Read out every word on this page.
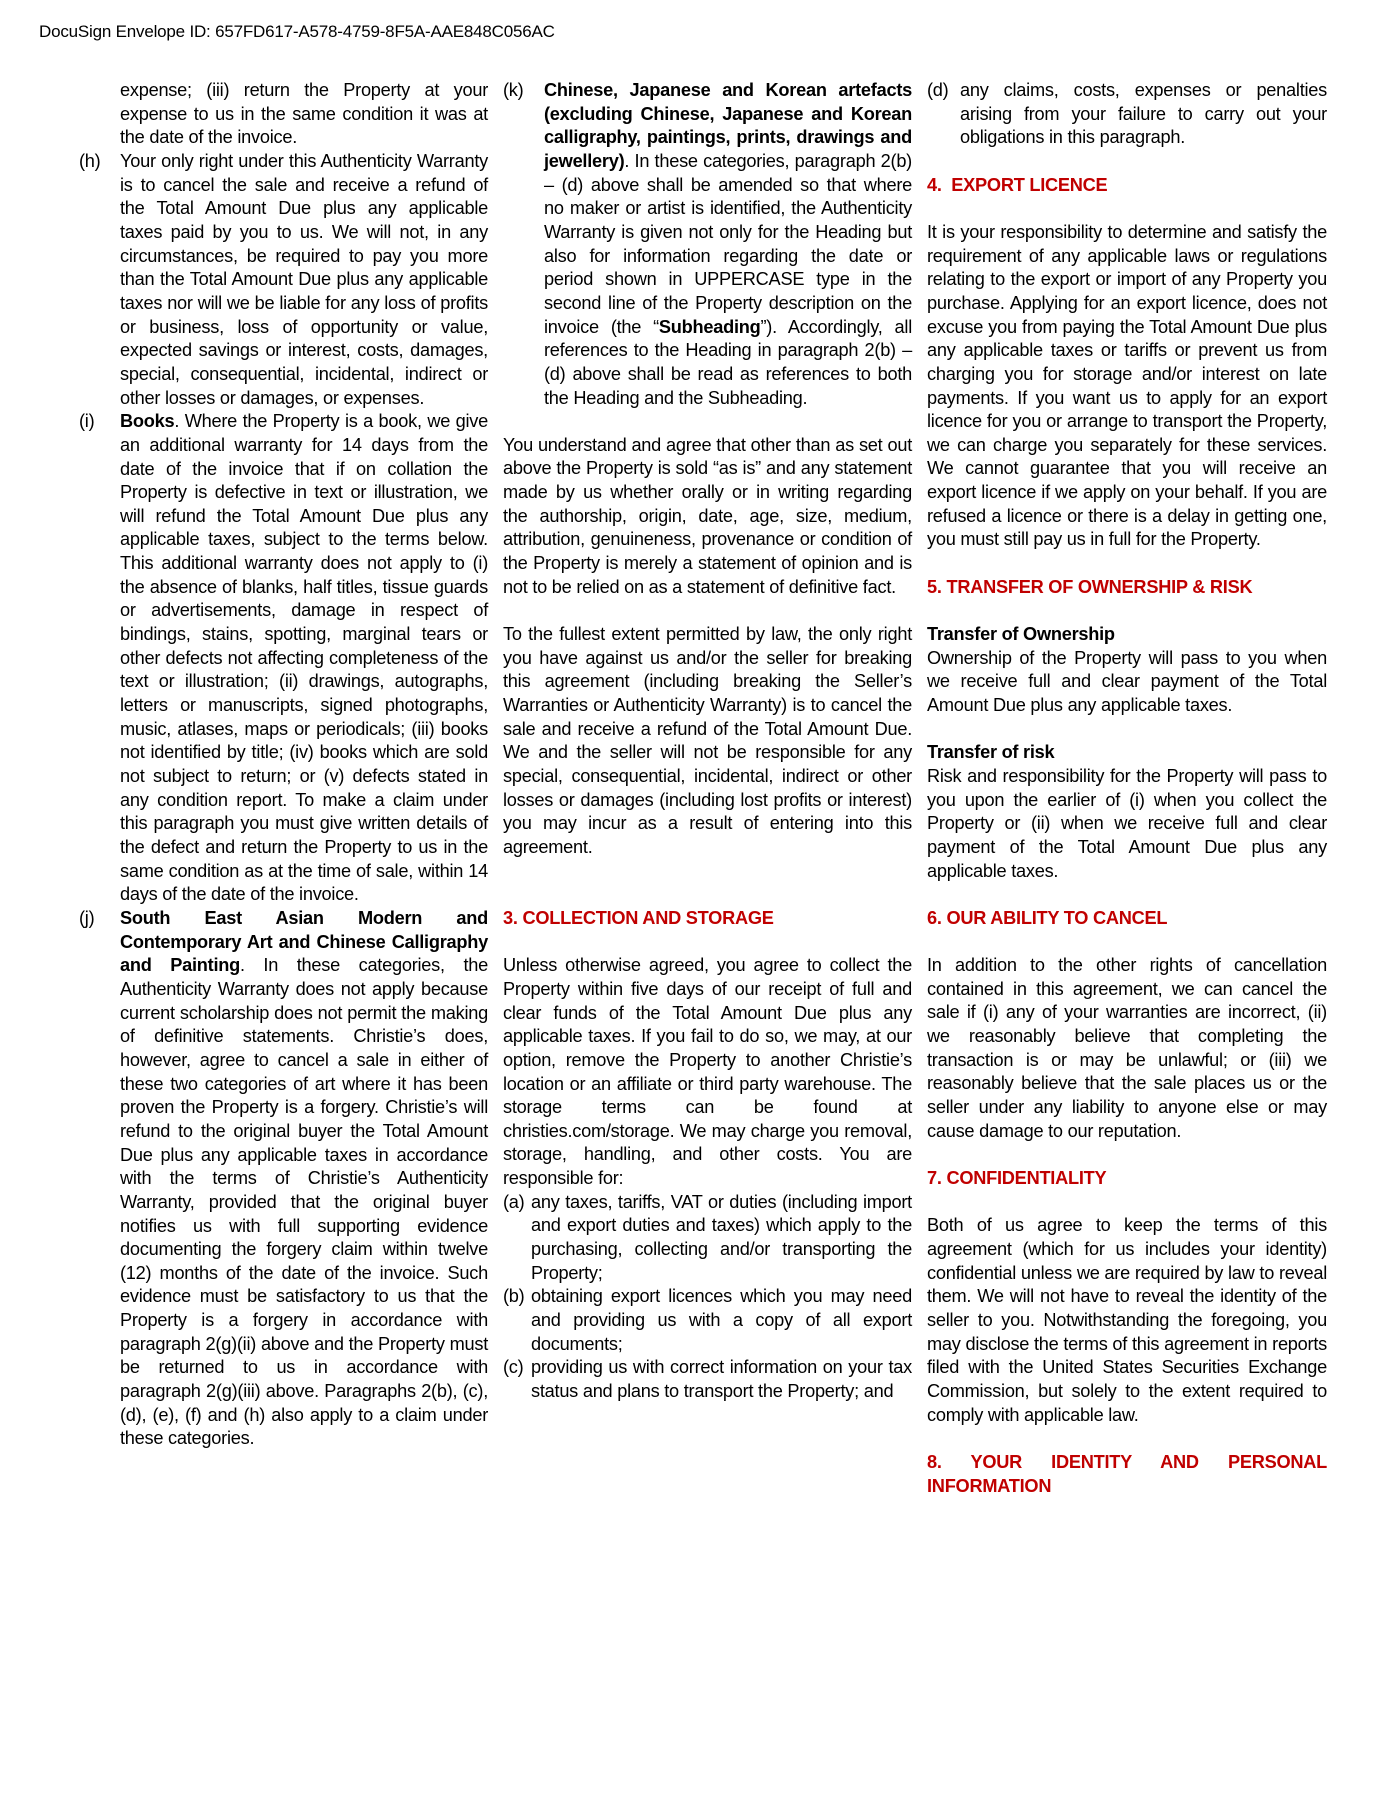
DocuSign Envelope ID: 657FD617-A578-4759-8F5A-AAE848C056AC

expense; (iii) return the Property at your expense to us in the same condition it was at the date of the invoice.

(h) Your only right under this Authenticity Warranty is to cancel the sale and receive a refund of the Total Amount Due plus any applicable taxes paid by you to us. We will not, in any circumstances, be required to pay you more than the Total Amount Due plus any applicable taxes nor will we be liable for any loss of profits or business, loss of opportunity or value, expected savings or interest, costs, damages, special, consequential, incidental, indirect or other losses or damages, or expenses.
(i) Books. Where the Property is a book, we give an additional warranty for 14 days from the date of the invoice that if on collation the Property is defective in text or illustration, we will refund the Total Amount Due plus any applicable taxes, subject to the terms below. This additional warranty does not apply to (i) the absence of blanks, half titles, tissue guards or advertisements, damage in respect of bindings, stains, spotting, marginal tears or other defects not affecting completeness of the text or illustration; (ii) drawings, autographs, letters or manuscripts, signed photographs, music, atlases, maps or periodicals; (iii) books not identified by title; (iv) books which are sold not subject to return; or (v) defects stated in any condition report. To make a claim under this paragraph you must give written details of the defect and return the Property to us in the same condition as at the time of sale, within 14 days of the date of the invoice.
(j) South East Asian Modern and Contemporary Art and Chinese Calligraphy and Painting. In these categories, the Authenticity Warranty does not apply because current scholarship does not permit the making of definitive statements. Christie’s does, however, agree to cancel a sale in either of these two categories of art where it has been proven the Property is a forgery. Christie’s will refund to the original buyer the Total Amount Due plus any applicable taxes in accordance with the terms of Christie’s Authenticity Warranty, provided that the original buyer notifies us with full supporting evidence documenting the forgery claim within twelve (12) months of the date of the invoice. Such evidence must be satisfactory to us that the Property is a forgery in accordance with paragraph 2(g)(ii) above and the Property must be returned to us in accordance with paragraph 2(g)(iii) above. Paragraphs 2(b), (c), (d), (e), (f) and (h) also apply to a claim under these categories.
(k) Chinese, Japanese and Korean artefacts (excluding Chinese, Japanese and Korean calligraphy, paintings, prints, drawings and jewellery). In these categories, paragraph 2(b) – (d) above shall be amended so that where no maker or artist is identified, the Authenticity Warranty is given not only for the Heading but also for information regarding the date or period shown in UPPERCASE type in the second line of the Property description on the invoice (the “Subheading”). Accordingly, all references to the Heading in paragraph 2(b) – (d) above shall be read as references to both the Heading and the Subheading.

You understand and agree that other than as set out above the Property is sold “as is” and any statement made by us whether orally or in writing regarding the authorship, origin, date, age, size, medium, attribution, genuineness, provenance or condition of the Property is merely a statement of opinion and is not to be relied on as a statement of definitive fact.

To the fullest extent permitted by law, the only right you have against us and/or the seller for breaking this agreement (including breaking the Seller’s Warranties or Authenticity Warranty) is to cancel the sale and receive a refund of the Total Amount Due. We and the seller will not be responsible for any special, consequential, incidental, indirect or other losses or damages (including lost profits or interest) you may incur as a result of entering into this agreement.

3. COLLECTION AND STORAGE

Unless otherwise agreed, you agree to collect the Property within five days of our receipt of full and clear funds of the Total Amount Due plus any applicable taxes. If you fail to do so, we may, at our option, remove the Property to another Christie’s location or an affiliate or third party warehouse. The storage terms can be found at christies.com/storage. We may charge you removal, storage, handling, and other costs. You are responsible for:

(a) any taxes, tariffs, VAT or duties (including import and export duties and taxes) which apply to the purchasing, collecting and/or transporting the Property;
(b) obtaining export licences which you may need and providing us with a copy of all export documents;
(c) providing us with correct information on your tax status and plans to transport the Property; and
(d) any claims, costs, expenses or penalties arising from your failure to carry out your obligations in this paragraph.

4.  EXPORT LICENCE

It is your responsibility to determine and satisfy the requirement of any applicable laws or regulations relating to the export or import of any Property you purchase. Applying for an export licence, does not excuse you from paying the Total Amount Due plus any applicable taxes or tariffs or prevent us from charging you for storage and/or interest on late payments. If you want us to apply for an export licence for you or arrange to transport the Property, we can charge you separately for these services. We cannot guarantee that you will receive an export licence if we apply on your behalf. If you are refused a licence or there is a delay in getting one, you must still pay us in full for the Property.

5. TRANSFER OF OWNERSHIP & RISK

Transfer of Ownership

Ownership of the Property will pass to you when we receive full and clear payment of the Total Amount Due plus any applicable taxes.

Transfer of risk

Risk and responsibility for the Property will pass to you upon the earlier of (i) when you collect the Property or (ii) when we receive full and clear payment of the Total Amount Due plus any applicable taxes.

6. OUR ABILITY TO CANCEL

In addition to the other rights of cancellation contained in this agreement, we can cancel the sale if (i) any of your warranties are incorrect, (ii) we reasonably believe that completing the transaction is or may be unlawful; or (iii) we reasonably believe that the sale places us or the seller under any liability to anyone else or may cause damage to our reputation.

7. CONFIDENTIALITY

Both of us agree to keep the terms of this agreement (which for us includes your identity) confidential unless we are required by law to reveal them. We will not have to reveal the identity of the seller to you. Notwithstanding the foregoing, you may disclose the terms of this agreement in reports filed with the United States Securities Exchange Commission, but solely to the extent required to comply with applicable law.

8. YOUR IDENTITY AND PERSONAL INFORMATION
